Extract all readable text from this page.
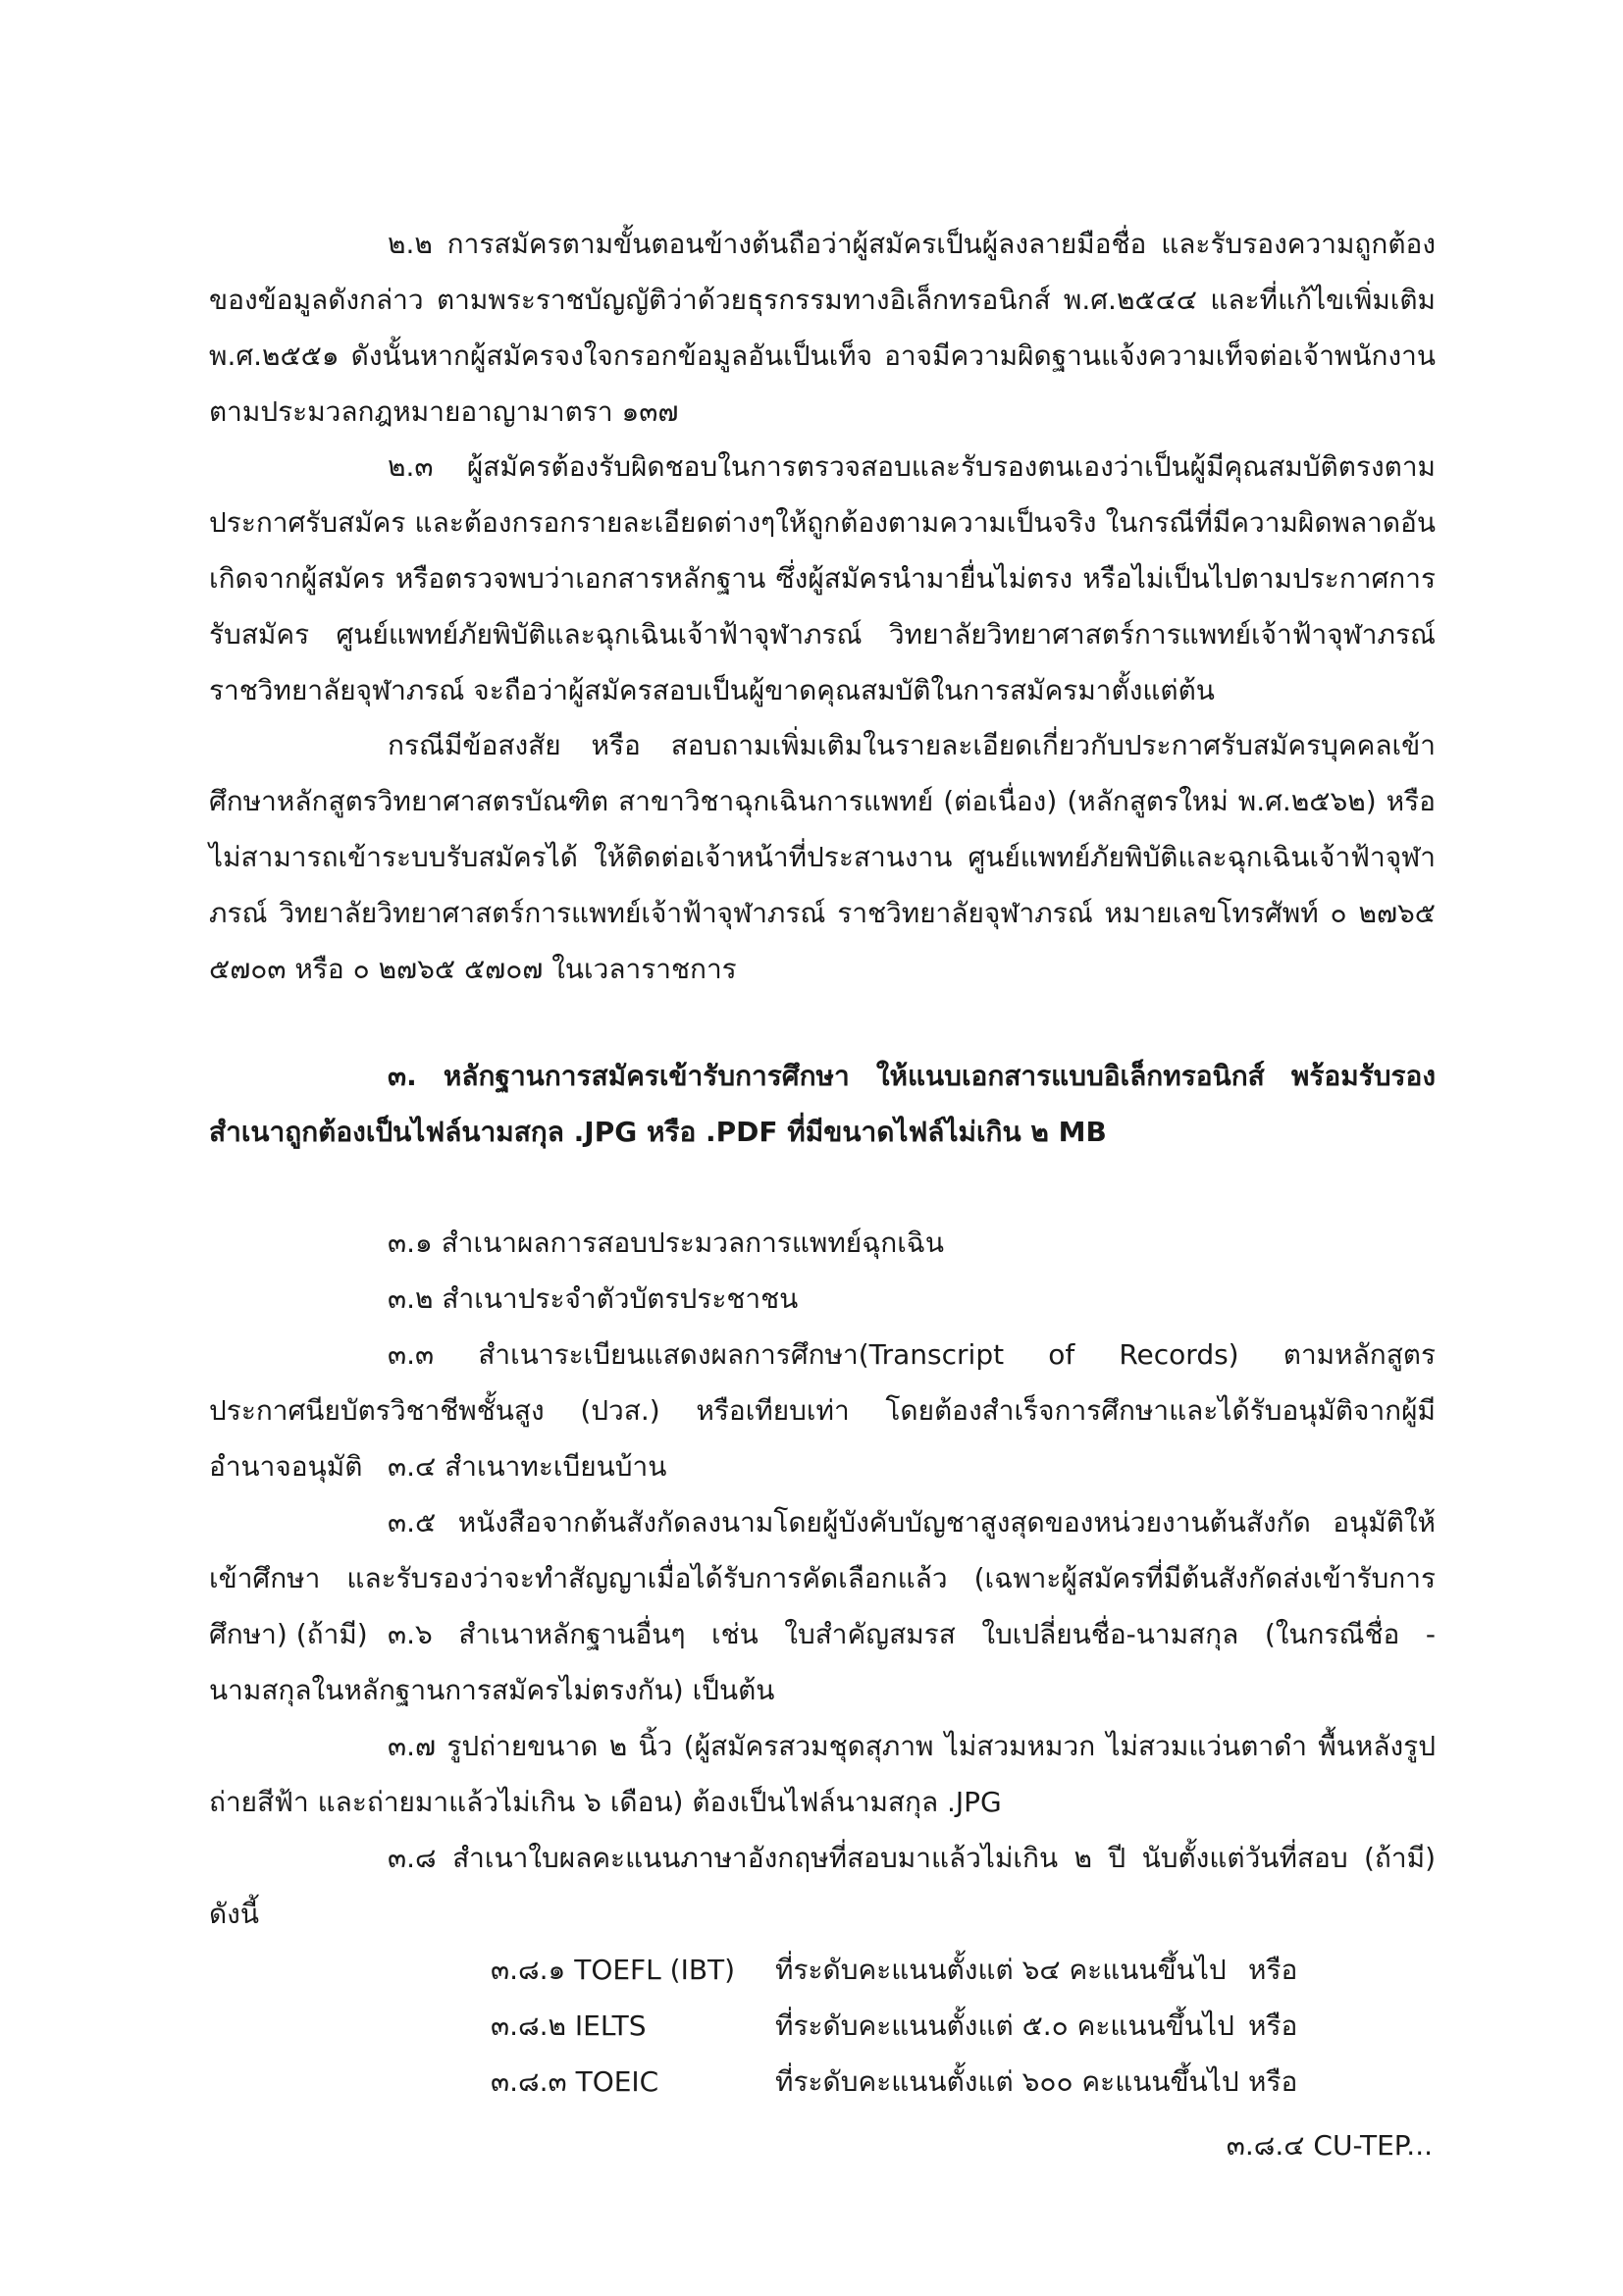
๒.๒ การสมัครตามขั้นตอนข้างต้นถือว่าผู้สมัครเป็นผู้ลงลายมือชื่อ และรับรองความถูกต้องของข้อมูลดังกล่าว ตามพระราชบัญญัติว่าด้วยธุรกรรมทางอิเล็กทรอนิกส์ พ.ศ.๒๕๔๔ และที่แก้ไขเพิ่มเติม พ.ศ.๒๕๕๑ ดังนั้นหากผู้สมัครจงใจกรอกข้อมูลอันเป็นเท็จ อาจมีความผิดฐานแจ้งความเท็จต่อเจ้าพนักงานตามประมวลกฎหมายอาญามาตรา ๑๓๗

๒.๓ ผู้สมัครต้องรับผิดชอบในการตรวจสอบและรับรองตนเองว่าเป็นผู้มีคุณสมบัติตรงตามประกาศรับสมัคร และต้องกรอกรายละเอียดต่างๆให้ถูกต้องตามความเป็นจริง ในกรณีที่มีความผิดพลาดอันเกิดจากผู้สมัคร หรือตรวจพบว่าเอกสารหลักฐาน ซึ่งผู้สมัครนำมายื่นไม่ตรง หรือไม่เป็นไปตามประกาศการรับสมัคร ศูนย์แพทย์ภัยพิบัติและฉุกเฉินเจ้าฟ้าจุฬาภรณ์ วิทยาลัยวิทยาศาสตร์การแพทย์เจ้าฟ้าจุฬาภรณ์ ราชวิทยาลัยจุฬาภรณ์ จะถือว่าผู้สมัครสอบเป็นผู้ขาดคุณสมบัติในการสมัครมาตั้งแต่ต้น

กรณีมีข้อสงสัย หรือ สอบถามเพิ่มเติมในรายละเอียดเกี่ยวกับประกาศรับสมัครบุคคลเข้าศึกษาหลักสูตรวิทยาศาสตรบัณฑิต สาขาวิชาฉุกเฉินการแพทย์ (ต่อเนื่อง) (หลักสูตรใหม่ พ.ศ.๒๕๖๒) หรือไม่สามารถเข้าระบบรับสมัครได้ ให้ติดต่อเจ้าหน้าที่ประสานงาน ศูนย์แพทย์ภัยพิบัติและฉุกเฉินเจ้าฟ้าจุฬาภรณ์ วิทยาลัยวิทยาศาสตร์การแพทย์เจ้าฟ้าจุฬาภรณ์ ราชวิทยาลัยจุฬาภรณ์ หมายเลขโทรศัพท์ ๐ ๒๗๖๕ ๕๗๐๓ หรือ ๐ ๒๗๖๕ ๕๗๐๗ ในเวลาราชการ

๓. หลักฐานการสมัครเข้ารับการศึกษา ให้แนบเอกสารแบบอิเล็กทรอนิกส์ พร้อมรับรองสำเนาถูกต้องเป็นไฟล์นามสกุล .JPG หรือ .PDF ที่มีขนาดไฟล์ไม่เกิน ๒ MB

๓.๑ สำเนาผลการสอบประมวลการแพทย์ฉุกเฉิน

๓.๒ สำเนาประจำตัวบัตรประชาชน

๓.๓ สำเนาระเบียนแสดงผลการศึกษา(Transcript of Records) ตามหลักสูตรประกาศนียบัตรวิชาชีพชั้นสูง (ปวส.) หรือเทียบเท่า โดยต้องสำเร็จการศึกษาและได้รับอนุมัติจากผู้มีอำนาจอนุมัติ ๓.๔ สำเนาทะเบียนบ้าน

๓.๕ หนังสือจากต้นสังกัดลงนามโดยผู้บังคับบัญชาสูงสุดของหน่วยงานต้นสังกัด อนุมัติให้เข้าศึกษา และรับรองว่าจะทำสัญญาเมื่อได้รับการคัดเลือกแล้ว (เฉพาะผู้สมัครที่มีต้นสังกัดส่งเข้ารับการศึกษา) (ถ้ามี) ๓.๖ สำเนาหลักฐานอื่นๆ เช่น ใบสำคัญสมรส ใบเปลี่ยนชื่อ-นามสกุล (ในกรณีชื่อ - นามสกุลในหลักฐานการสมัครไม่ตรงกัน) เป็นต้น

๓.๗ รูปถ่ายขนาด ๒ นิ้ว (ผู้สมัครสวมชุดสุภาพ ไม่สวมหมวก ไม่สวมแว่นตาดำ พื้นหลังรูปถ่ายสีฟ้า และถ่ายมาแล้วไม่เกิน ๖ เดือน) ต้องเป็นไฟล์นามสกุล .JPG

๓.๘ สำเนาใบผลคะแนนภาษาอังกฤษที่สอบมาแล้วไม่เกิน ๒ ปี นับตั้งแต่วันที่สอบ (ถ้ามี) ดังนี้

๓.๘.๑ TOEFL (IBT) ที่ระดับคะแนนตั้งแต่ ๖๔ คะแนนขึ้นไป หรือ
๓.๘.๒ IELTS	ที่ระดับคะแนนตั้งแต่ ๕.๐ คะแนนขึ้นไป หรือ
๓.๘.๓ TOEIC	ที่ระดับคะแนนตั้งแต่ ๖๐๐ คะแนนขึ้นไป หรือ
๓.๘.๔ CU-TEP...
